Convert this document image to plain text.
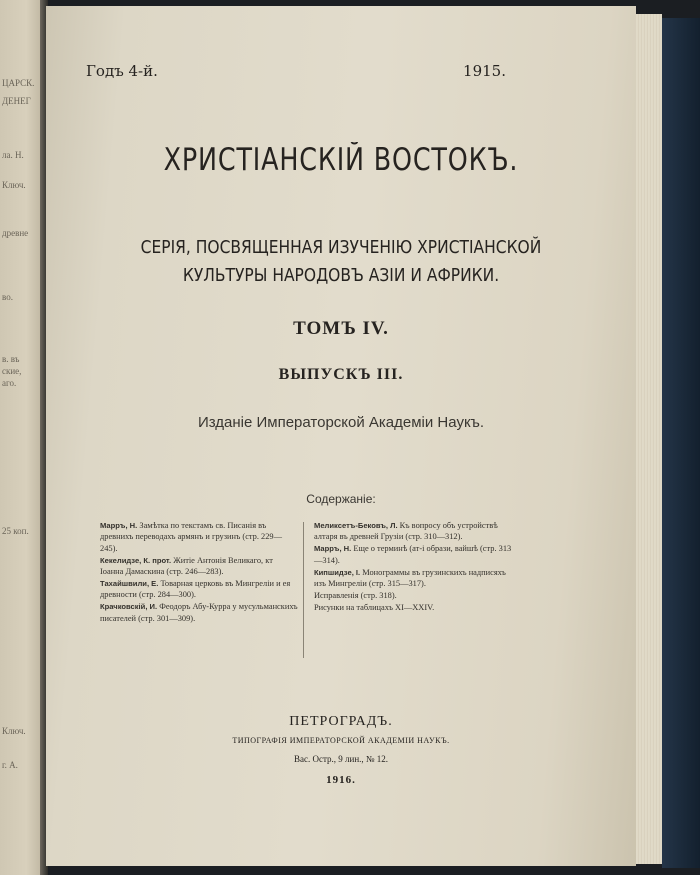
ЦАРСК.
ДЕНЕГ
ла. Н.
Ключ.
древне
во.
в. въ
ские,
аго.
25 коп.
Ключ.
г. А.
Годъ 4-й.	1915.
ХРИСТІАНСКІЙ ВОСТОКЪ.
СЕРІЯ, ПОСВЯЩЕННАЯ ИЗУЧЕНІЮ ХРИСТІАНСКОЙ
КУЛЬТУРЫ НАРОДОВЪ АЗІИ И АФРИКИ.
ТОМЪ IV.
ВЫПУСКЪ III.
Изданіе Императорской Академіи Наукъ.
Содержаніе:
Марръ, Н. Замѣтка по текстамъ св. Писанія въ древнихъ переводахъ армянъ и грузинъ (стр. 229—245).
Кекелидзе, К. прот. Житіе Антонія Великаго, кт Іоанна Дамаскина (стр. 246—283).
Тахайшвили, Е. Товарная церковь въ Мингреліи и ея древности (стр. 284—300).
Крачковскій, И. Феодоръ Абу-Курра у мусульманскихъ писателей (стр. 301—309).
Меликсетъ-Бековъ, Л. Къ вопросу объ устройствѣ алтаря въ древней Грузіи (стр. 310—312).
Марръ, Н. Еще о терминѣ (ат-і образи, вайшѣ (стр. 313—314).
Кипшидзе, І. Монограммы въ грузинскихъ надписяхъ изъ Мингреліи (стр. 315—317).
Исправленія (стр. 318).
Рисунки на таблицахъ XI—XXIV.
ПЕТРОГРАДЪ.
ТИПОГРАФІЯ ИМПЕРАТОРСКОЙ АКАДЕМІИ НАУКЪ.
Вас. Остр., 9 лин., № 12.
1916.
